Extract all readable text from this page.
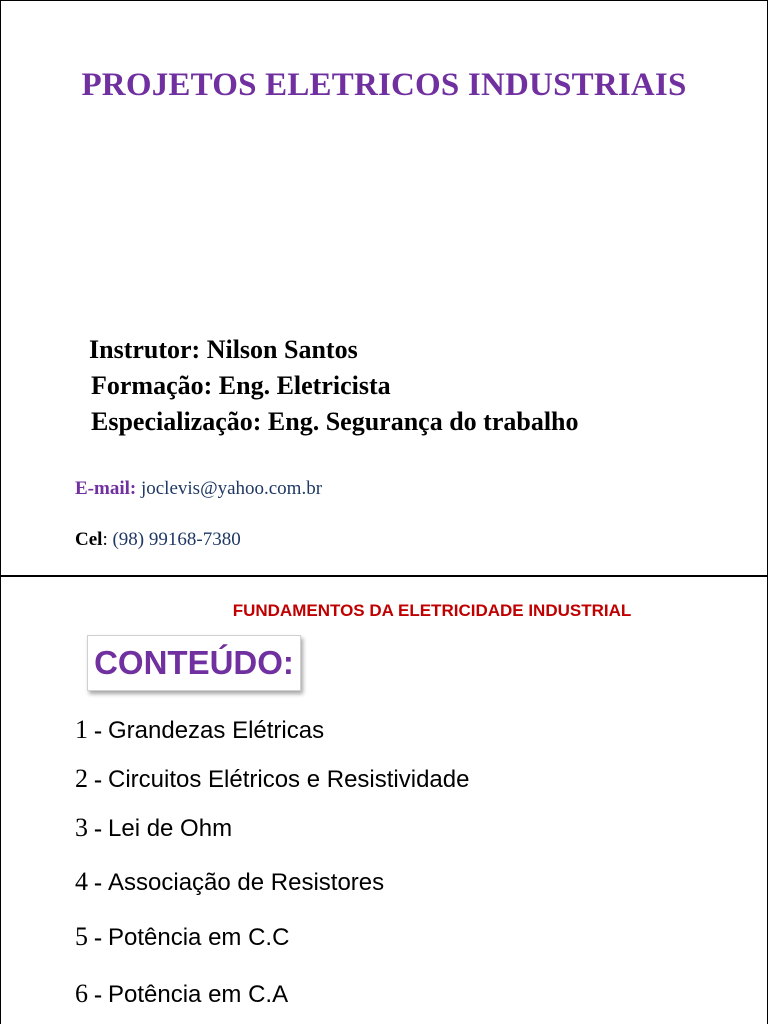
PROJETOS ELETRICOS INDUSTRIAIS
Instrutor: Nilson Santos
Formação: Eng. Eletricista
Especialização: Eng. Segurança do trabalho
E-mail: joclevis@yahoo.com.br
Cel: (98) 99168-7380
FUNDAMENTOS DA ELETRICIDADE INDUSTRIAL
CONTEÚDO:
1 - Grandezas Elétricas
2 - Circuitos Elétricos e Resistividade
3 - Lei de Ohm
4 - Associação de Resistores
5 - Potência em C.C
6 - Potência em C.A
